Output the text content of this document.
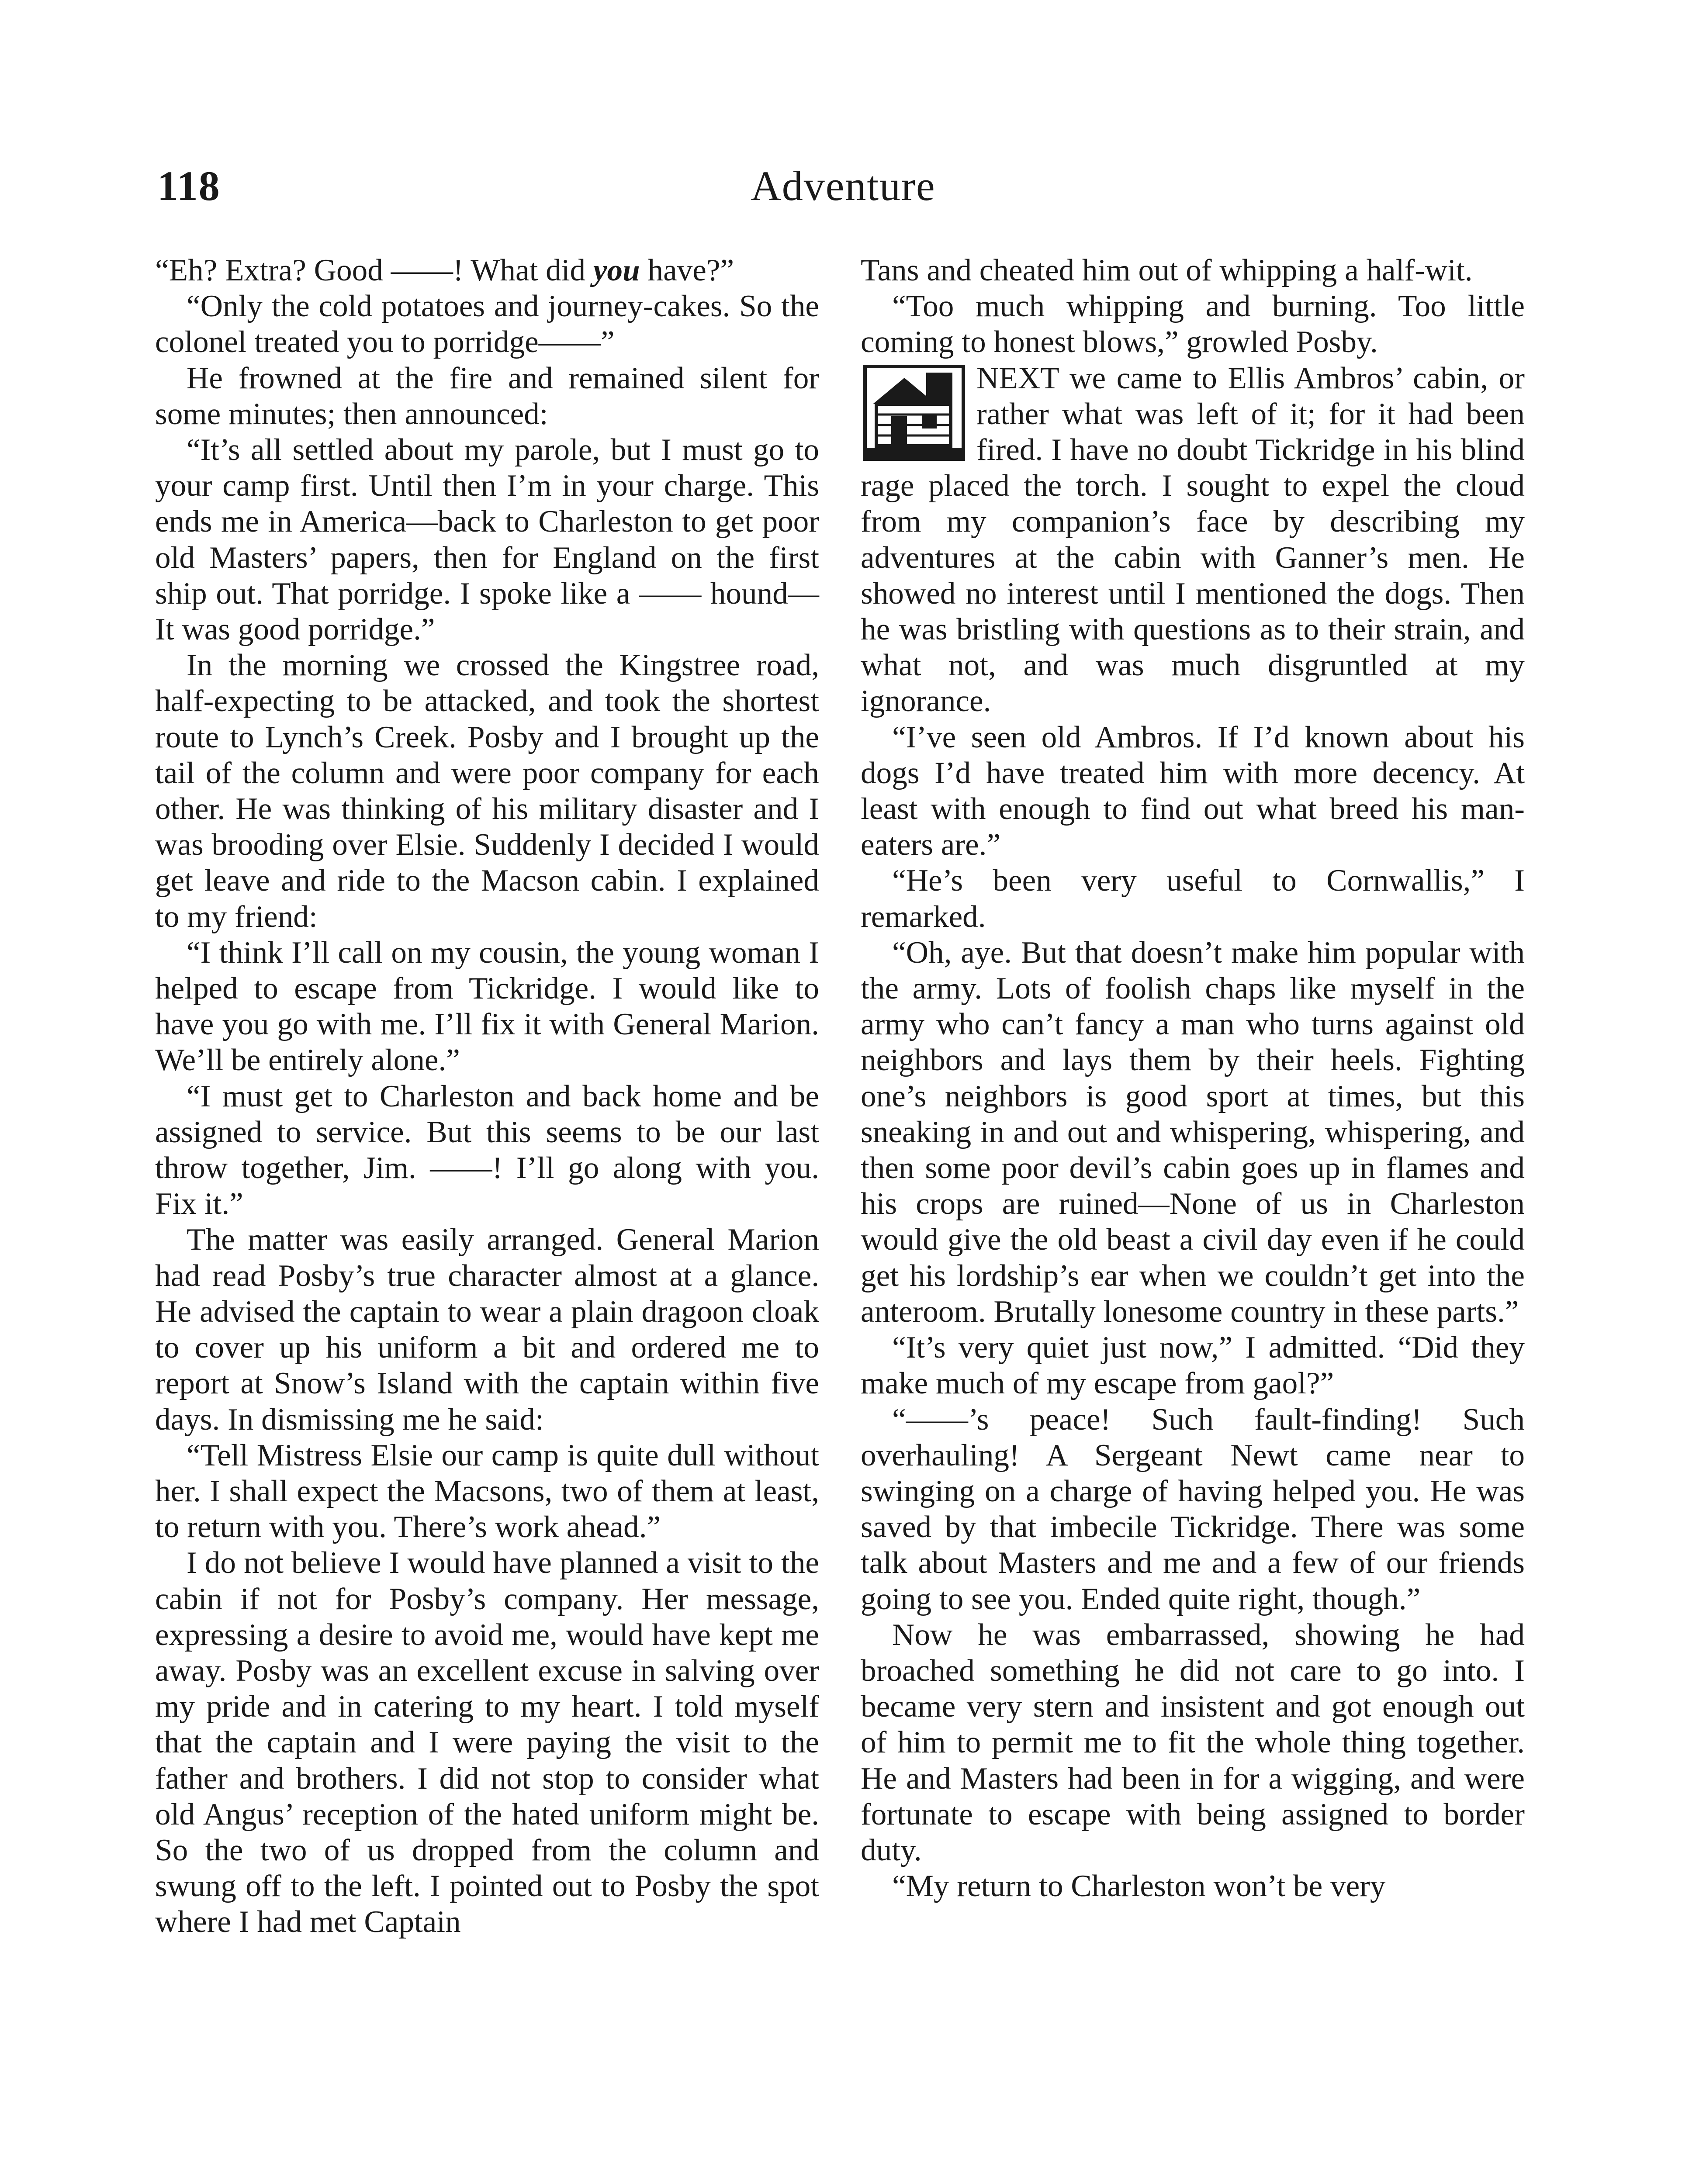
118	Adventure

“Eh? Extra? Good ——! What did you have?”

“Only the cold potatoes and journey-cakes. So the colonel treated you to porridge——”

He frowned at the fire and remained silent for some minutes; then announced:

“It’s all settled about my parole, but I must go to your camp first. Until then I’m in your charge. This ends me in America—back to Charleston to get poor old Masters’ papers, then for England on the first ship out. That porridge. I spoke like a —— hound— It was good porridge.”

In the morning we crossed the Kingstree road, half-expecting to be attacked, and took the shortest route to Lynch’s Creek. Posby and I brought up the tail of the column and were poor company for each other. He was thinking of his military disaster and I was brooding over Elsie. Suddenly I decided I would get leave and ride to the Macson cabin. I explained to my friend:

“I think I’ll call on my cousin, the young woman I helped to escape from Tickridge. I would like to have you go with me. I’ll fix it with General Marion. We’ll be entirely alone.”

“I must get to Charleston and back home and be assigned to service. But this seems to be our last throw together, Jim. ——! I’ll go along with you. Fix it.”

The matter was easily arranged. General Marion had read Posby’s true character almost at a glance. He advised the captain to wear a plain dragoon cloak to cover up his uniform a bit and ordered me to report at Snow’s Island with the captain within five days. In dismissing me he said:

“Tell Mistress Elsie our camp is quite dull without her. I shall expect the Macsons, two of them at least, to return with you. There’s work ahead.”

I do not believe I would have planned a visit to the cabin if not for Posby’s company. Her message, expressing a desire to avoid me, would have kept me away. Posby was an excellent excuse in salving over my pride and in catering to my heart. I told myself that the captain and I were paying the visit to the father and brothers. I did not stop to consider what old Angus’ reception of the hated uniform might be. So the two of us dropped from the column and swung off to the left. I pointed out to Posby the spot where I had met Captain

Tans and cheated him out of whipping a half-wit.

“Too much whipping and burning. Too little coming to honest blows,” growled Posby.

NEXT we came to Ellis Ambros’ cabin, or rather what was left of it; for it had been fired. I have no doubt Tickridge in his blind rage placed the torch. I sought to expel the cloud from my companion’s face by describing my adventures at the cabin with Ganner’s men. He showed no interest until I mentioned the dogs. Then he was bristling with questions as to their strain, and what not, and was much disgruntled at my ignorance.

“I’ve seen old Ambros. If I’d known about his dogs I’d have treated him with more decency. At least with enough to find out what breed his man-eaters are.”

“He’s been very useful to Cornwallis,” I remarked.

“Oh, aye. But that doesn’t make him popular with the army. Lots of foolish chaps like myself in the army who can’t fancy a man who turns against old neighbors and lays them by their heels. Fighting one’s neighbors is good sport at times, but this sneaking in and out and whispering, whispering, and then some poor devil’s cabin goes up in flames and his crops are ruined—None of us in Charleston would give the old beast a civil day even if he could get his lordship’s ear when we couldn’t get into the anteroom. Brutally lonesome country in these parts.”

“It’s very quiet just now,” I admitted. “Did they make much of my escape from gaol?”

“——’s peace! Such fault-finding! Such overhauling! A Sergeant Newt came near to swinging on a charge of having helped you. He was saved by that imbecile Tickridge. There was some talk about Masters and me and a few of our friends going to see you. Ended quite right, though.”

Now he was embarrassed, showing he had broached something he did not care to go into. I became very stern and insistent and got enough out of him to permit me to fit the whole thing together. He and Masters had been in for a wigging, and were fortunate to escape with being assigned to border duty.

“My return to Charleston won’t be very
